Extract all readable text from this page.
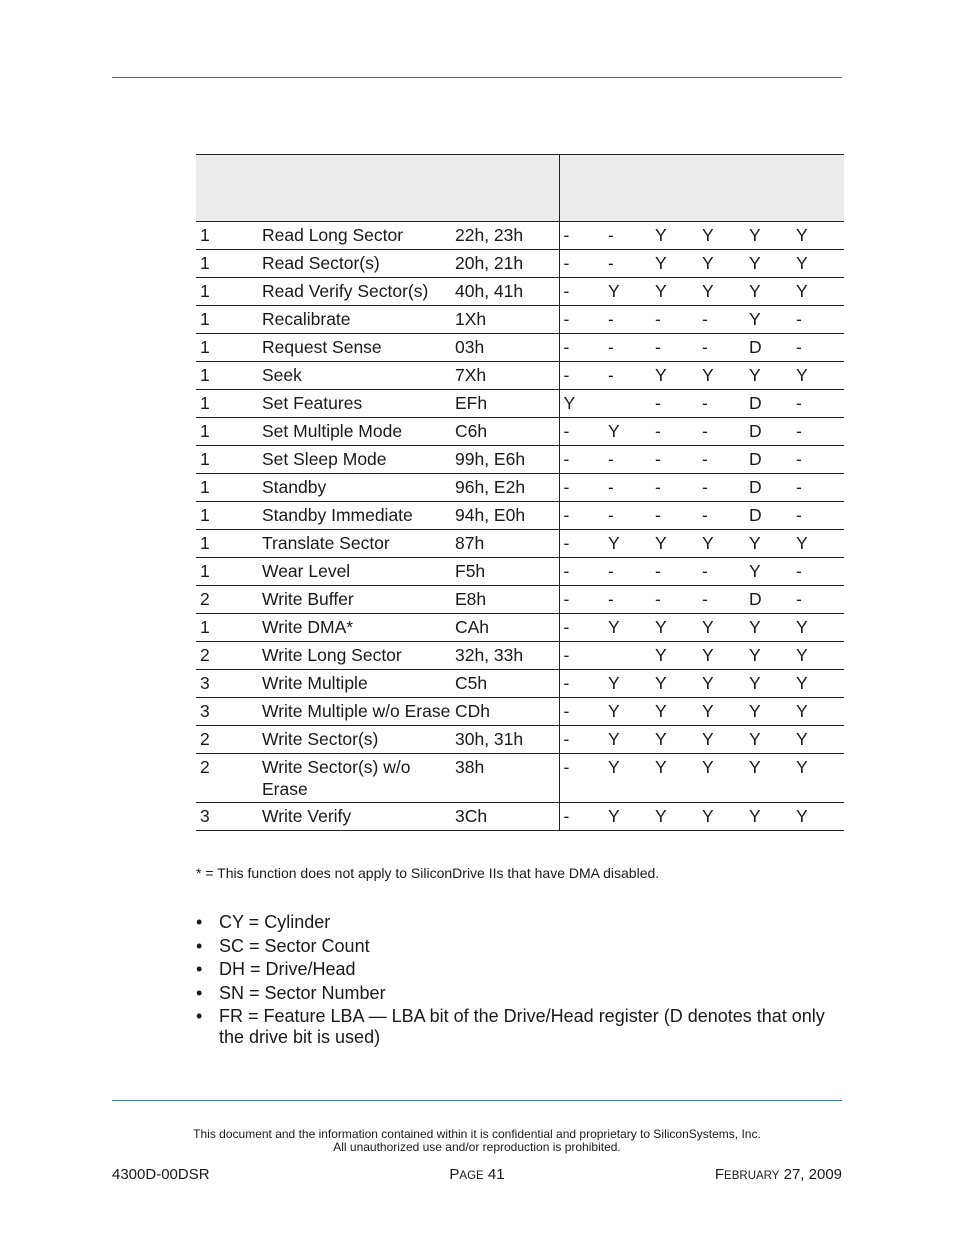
1	Read Long Sector	22h, 23h	-	-	Y	Y	Y	Y
1	Read Sector(s)	20h, 21h	-	-	Y	Y	Y	Y
1	Read Verify Sector(s)	40h, 41h	-	Y	Y	Y	Y	Y
1	Recalibrate	1Xh	-	-	-	-	Y	-
1	Request Sense	03h	-	-	-	-	D	-
1	Seek	7Xh	-	-	Y	Y	Y	Y
1	Set Features	EFh	Y		-	-	D	-
1	Set Multiple Mode	C6h	-	Y	-	-	D	-
1	Set Sleep Mode	99h, E6h	-	-	-	-	D	-
1	Standby	96h, E2h	-	-	-	-	D	-
1	Standby Immediate	94h, E0h	-	-	-	-	D	-
1	Translate Sector	87h	-	Y	Y	Y	Y	Y
1	Wear Level	F5h	-	-	-	-	Y	-
2	Write Buffer	E8h	-	-	-	-	D	-
1	Write DMA*	CAh	-	Y	Y	Y	Y	Y
2	Write Long Sector	32h, 33h	-		Y	Y	Y	Y
3	Write Multiple	C5h	-	Y	Y	Y	Y	Y
3	Write Multiple w/o Erase	CDh	-	Y	Y	Y	Y	Y
2	Write Sector(s)	30h, 31h	-	Y	Y	Y	Y	Y
2	Write Sector(s) w/o Erase	38h	-	Y	Y	Y	Y	Y
3	Write Verify	3Ch	-	Y	Y	Y	Y	Y
* = This function does not apply to SiliconDrive IIs that have DMA disabled.
• CY = Cylinder
• SC = Sector Count
• DH = Drive/Head
• SN = Sector Number
• FR = Feature LBA — LBA bit of the Drive/Head register (D denotes that only the drive bit is used)
This document and the information contained within it is confidential and proprietary to SiliconSystems, Inc.
All unauthorized use and/or reproduction is prohibited.
4300D-00DSR	PAGE 41	FEBRUARY 27, 2009
